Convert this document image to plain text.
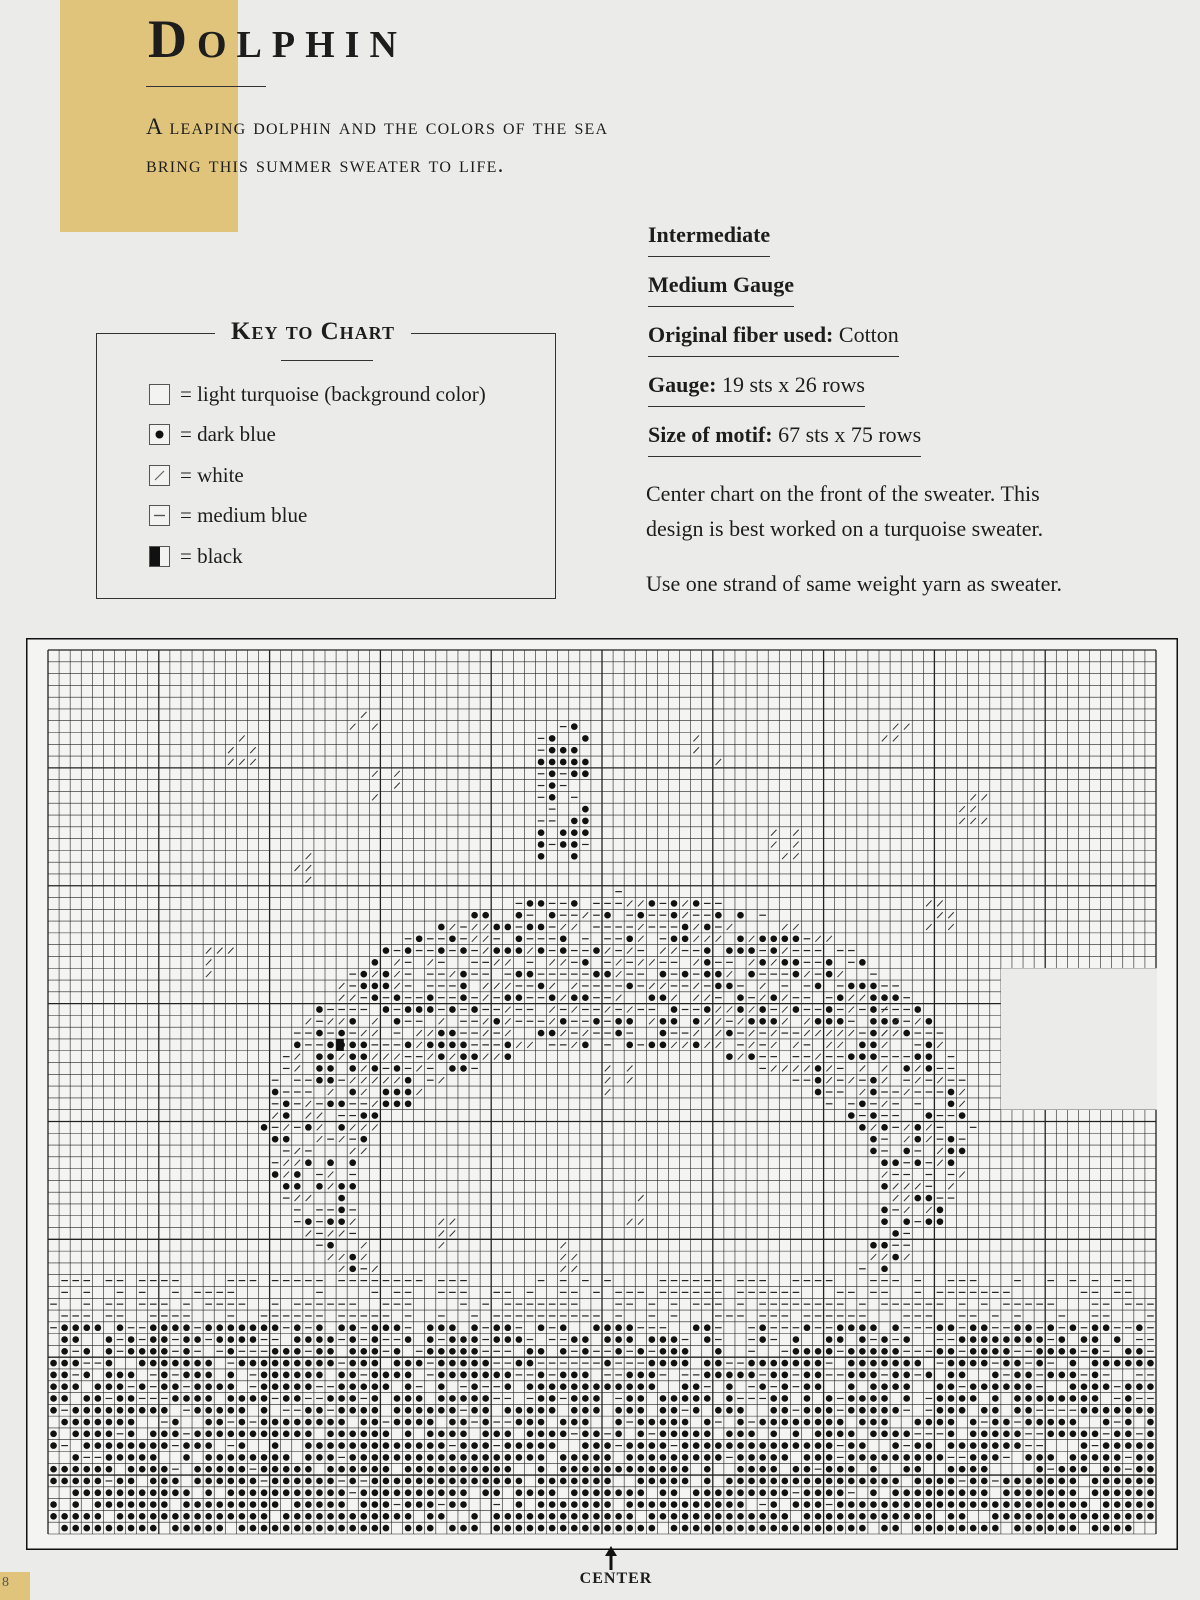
Dolphin

A leaping dolphin and the colors of the sea
bring this summer sweater to life.

Intermediate
Medium Gauge
Original fiber used: Cotton
Gauge: 19 sts x 26 rows
Size of motif: 67 sts x 75 rows

Center chart on the front of the sweater. This
design is best worked on a turquoise sweater.

Use one strand of same weight yarn as sweater.

Key to Chart
= light turquoise (background color)
= dark blue
= white
= medium blue
= black
CENTER
8
